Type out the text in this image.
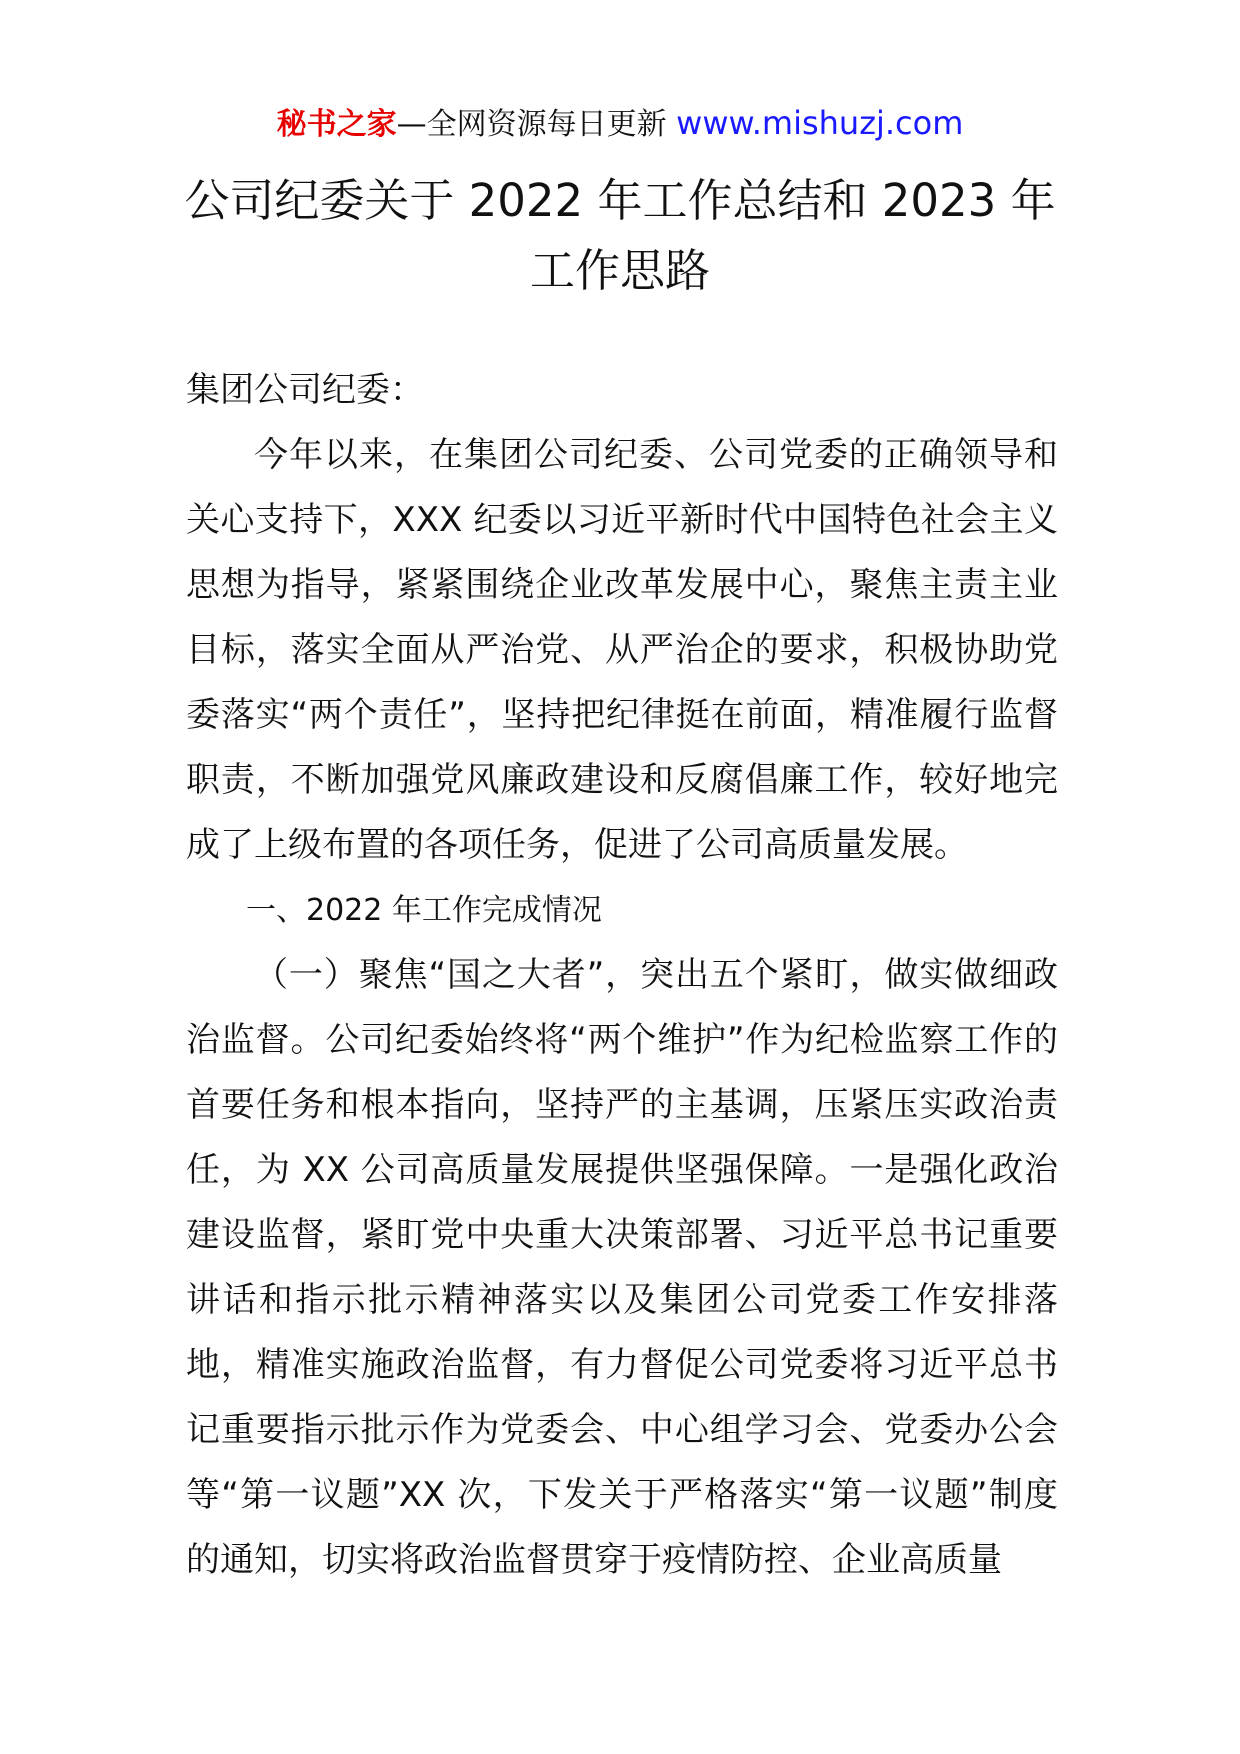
秘书之家—全网资源每日更新 www.mishuzj.com
公司纪委关于 2022 年工作总结和 2023 年
工作思路

集团公司纪委：

今年以来，在集团公司纪委、公司党委的正确领导和关心支持下，XXX 纪委以习近平新时代中国特色社会主义思想为指导，紧紧围绕企业改革发展中心，聚焦主责主业目标，落实全面从严治党、从严治企的要求，积极协助党委落实“两个责任”，坚持把纪律挺在前面，精准履行监督职责，不断加强党风廉政建设和反腐倡廉工作，较好地完成了上级布置的各项任务，促进了公司高质量发展。

一、2022 年工作完成情况

（一）聚焦“国之大者”，突出五个紧盯，做实做细政治监督。公司纪委始终将“两个维护”作为纪检监察工作的首要任务和根本指向，坚持严的主基调，压紧压实政治责任，为 XX 公司高质量发展提供坚强保障。一是强化政治建设监督，紧盯党中央重大决策部署、习近平总书记重要讲话和指示批示精神落实以及集团公司党委工作安排落地，精准实施政治监督，有力督促公司党委将习近平总书记重要指示批示作为党委会、中心组学习会、党委办公会等“第一议题”XX 次，下发关于严格落实“第一议题”制度的通知，切实将政治监督贯穿于疫情防控、企业高质量
